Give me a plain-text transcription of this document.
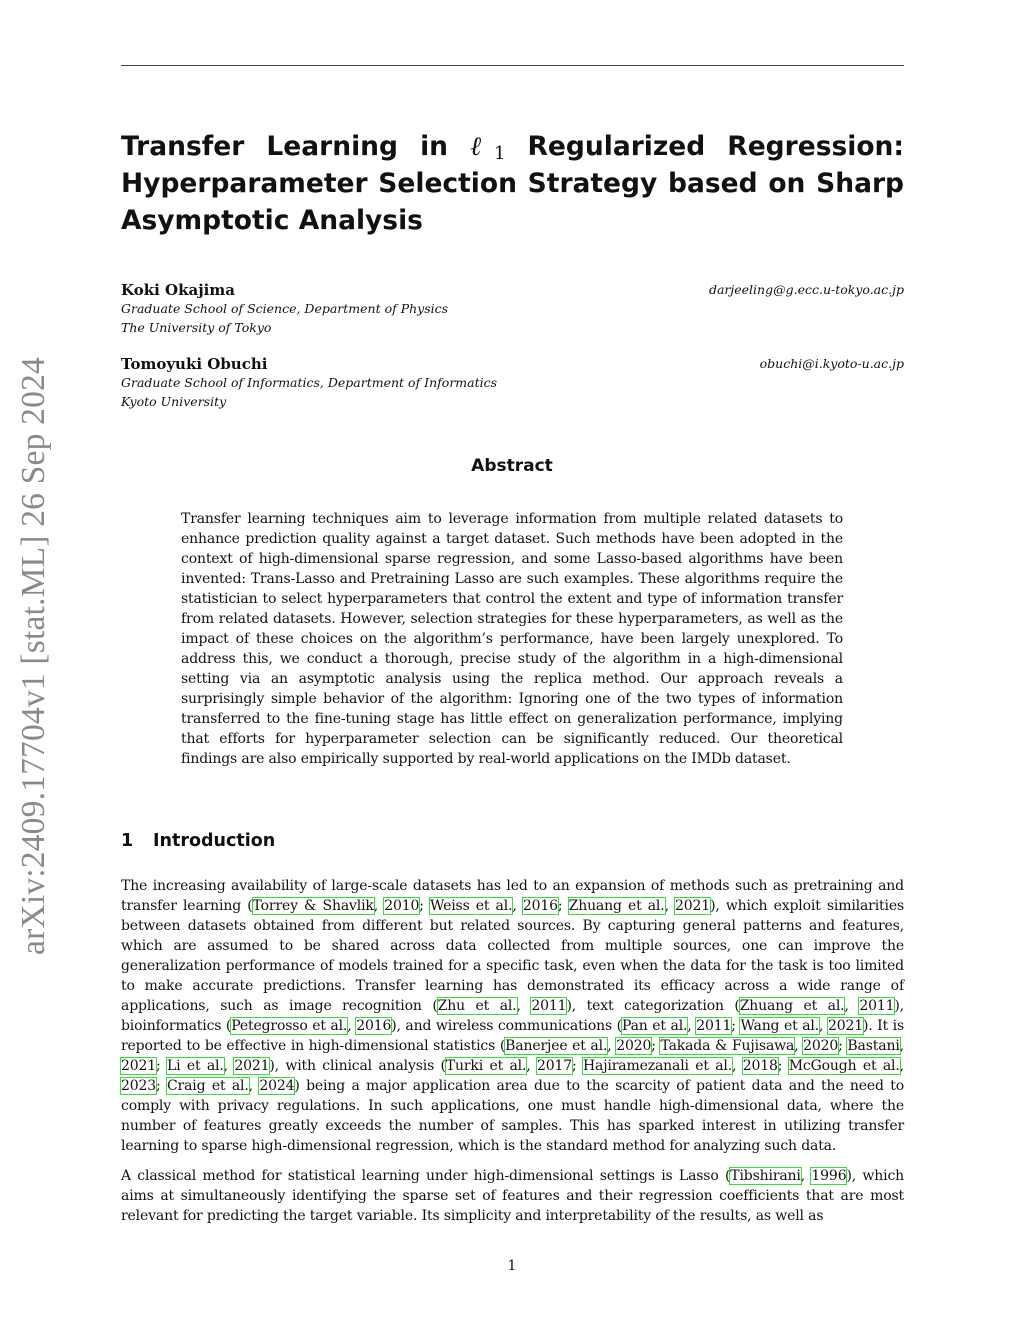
arXiv:2409.17704v1 [stat.ML] 26 Sep 2024
Transfer Learning in ℓ$_1$ Regularized Regression: Hyperparameter Selection Strategy based on Sharp Asymptotic Analysis
Koki Okajima	darjeeling@g.ecc.u-tokyo.ac.jp
Graduate School of Science, Department of Physics
The University of Tokyo
Tomoyuki Obuchi	obuchi@i.kyoto-u.ac.jp
Graduate School of Informatics, Department of Informatics
Kyoto University
Abstract
Transfer learning techniques aim to leverage information from multiple related datasets to enhance prediction quality against a target dataset. Such methods have been adopted in the context of high-dimensional sparse regression, and some Lasso-based algorithms have been invented: Trans-Lasso and Pretraining Lasso are such examples. These algorithms require the statistician to select hyperparameters that control the extent and type of information transfer from related datasets. However, selection strategies for these hyperparameters, as well as the impact of these choices on the algorithm’s performance, have been largely unexplored. To address this, we conduct a thorough, precise study of the algorithm in a high-dimensional setting via an asymptotic analysis using the replica method. Our approach reveals a surprisingly simple behavior of the algorithm: Ignoring one of the two types of information transferred to the fine-tuning stage has little effect on generalization performance, implying that efforts for hyperparameter selection can be significantly reduced. Our theoretical findings are also empirically supported by real-world applications on the IMDb dataset.
1 Introduction

The increasing availability of large-scale datasets has led to an expansion of methods such as pretraining and transfer learning (Torrey & Shavlik, 2010; Weiss et al., 2016; Zhuang et al., 2021), which exploit similarities between datasets obtained from different but related sources. By capturing general patterns and features, which are assumed to be shared across data collected from multiple sources, one can improve the generalization performance of models trained for a specific task, even when the data for the task is too limited to make accurate predictions. Transfer learning has demonstrated its efficacy across a wide range of applications, such as image recognition (Zhu et al., 2011), text categorization (Zhuang et al., 2011), bioinformatics (Petegrosso et al., 2016), and wireless communications (Pan et al., 2011; Wang et al., 2021). It is reported to be effective in high-dimensional statistics (Banerjee et al., 2020; Takada & Fujisawa, 2020; Bastani, 2021; Li et al., 2021), with clinical analysis (Turki et al., 2017; Hajiramezanali et al., 2018; McGough et al., 2023; Craig et al., 2024) being a major application area due to the scarcity of patient data and the need to comply with privacy regulations. In such applications, one must handle high-dimensional data, where the number of features greatly exceeds the number of samples. This has sparked interest in utilizing transfer learning to sparse high-dimensional regression, which is the standard method for analyzing such data.

A classical method for statistical learning under high-dimensional settings is Lasso (Tibshirani, 1996), which aims at simultaneously identifying the sparse set of features and their regression coefficients that are most relevant for predicting the target variable. Its simplicity and interpretability of the results, as well as

1
